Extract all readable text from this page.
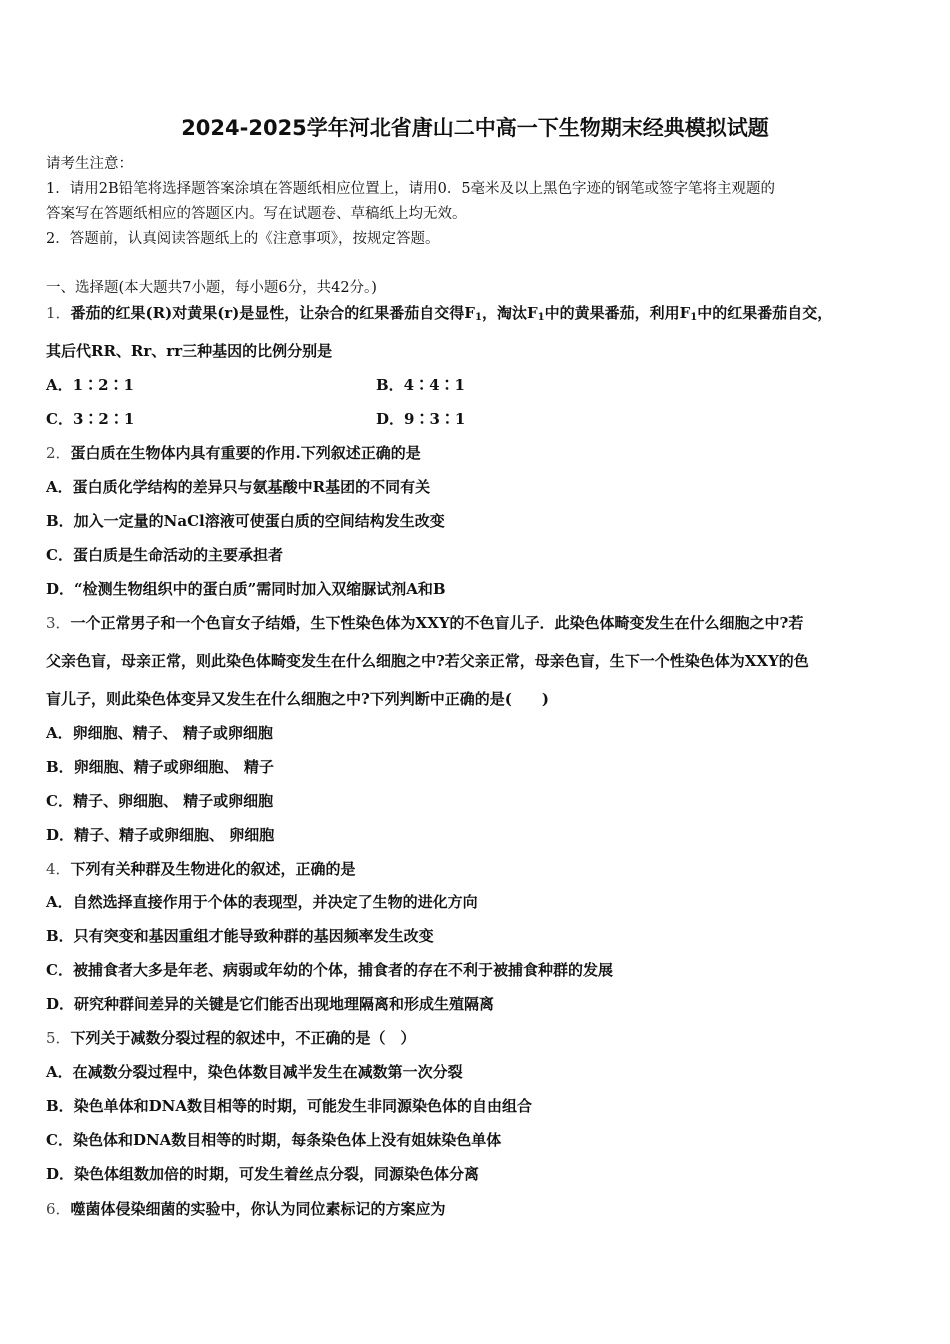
2024-2025学年河北省唐山二中高一下生物期末经典模拟试题
请考生注意：
1．请用2B铅笔将选择题答案涂填在答题纸相应位置上，请用0．5毫米及以上黑色字迹的钢笔或签字笔将主观题的
答案写在答题纸相应的答题区内。写在试题卷、草稿纸上均无效。
2．答题前，认真阅读答题纸上的《注意事项》，按规定答题。
一、选择题(本大题共7小题，每小题6分，共42分。)
1．番茄的红果(R)对黄果(r)是显性，让杂合的红果番茄自交得$F_1$，淘汰$F_1$中的黄果番茄，利用$F_1$中的红果番茄自交，
其后代RR、Rr、rr三种基因的比例分别是
A．1∶2∶1	B．4∶4∶1
C．3∶2∶1	D．9∶3∶1
2．蛋白质在生物体内具有重要的作用.下列叙述正确的是
A．蛋白质化学结构的差异只与氨基酸中R基团的不同有关
B．加入一定量的NaCl溶液可使蛋白质的空间结构发生改变
C．蛋白质是生命活动的主要承担者
D．“检测生物组织中的蛋白质”需同时加入双缩脲试剂A和B
3．一个正常男子和一个色盲女子结婚，生下性染色体为XXY的不色盲儿子．此染色体畸变发生在什么细胞之中?若
父亲色盲，母亲正常，则此染色体畸变发生在什么细胞之中?若父亲正常，母亲色盲，生下一个性染色体为XXY的色
盲儿子，则此染色体变异又发生在什么细胞之中?下列判断中正确的是(　　)
A．卵细胞、精子、 精子或卵细胞
B．卵细胞、精子或卵细胞、 精子
C．精子、卵细胞、 精子或卵细胞
D．精子、精子或卵细胞、 卵细胞
4．下列有关种群及生物进化的叙述，正确的是
A．自然选择直接作用于个体的表现型，并决定了生物的进化方向
B．只有突变和基因重组才能导致种群的基因频率发生改变
C．被捕食者大多是年老、病弱或年幼的个体，捕食者的存在不利于被捕食种群的发展
D．研究种群间差异的关键是它们能否出现地理隔离和形成生殖隔离
5．下列关于减数分裂过程的叙述中，不正确的是（　）
A．在减数分裂过程中，染色体数目减半发生在减数第一次分裂
B．染色单体和DNA数目相等的时期，可能发生非同源染色体的自由组合
C．染色体和DNA数目相等的时期，每条染色体上没有姐妹染色单体
D．染色体组数加倍的时期，可发生着丝点分裂，同源染色体分离
6．噬菌体侵染细菌的实验中，你认为同位素标记的方案应为
